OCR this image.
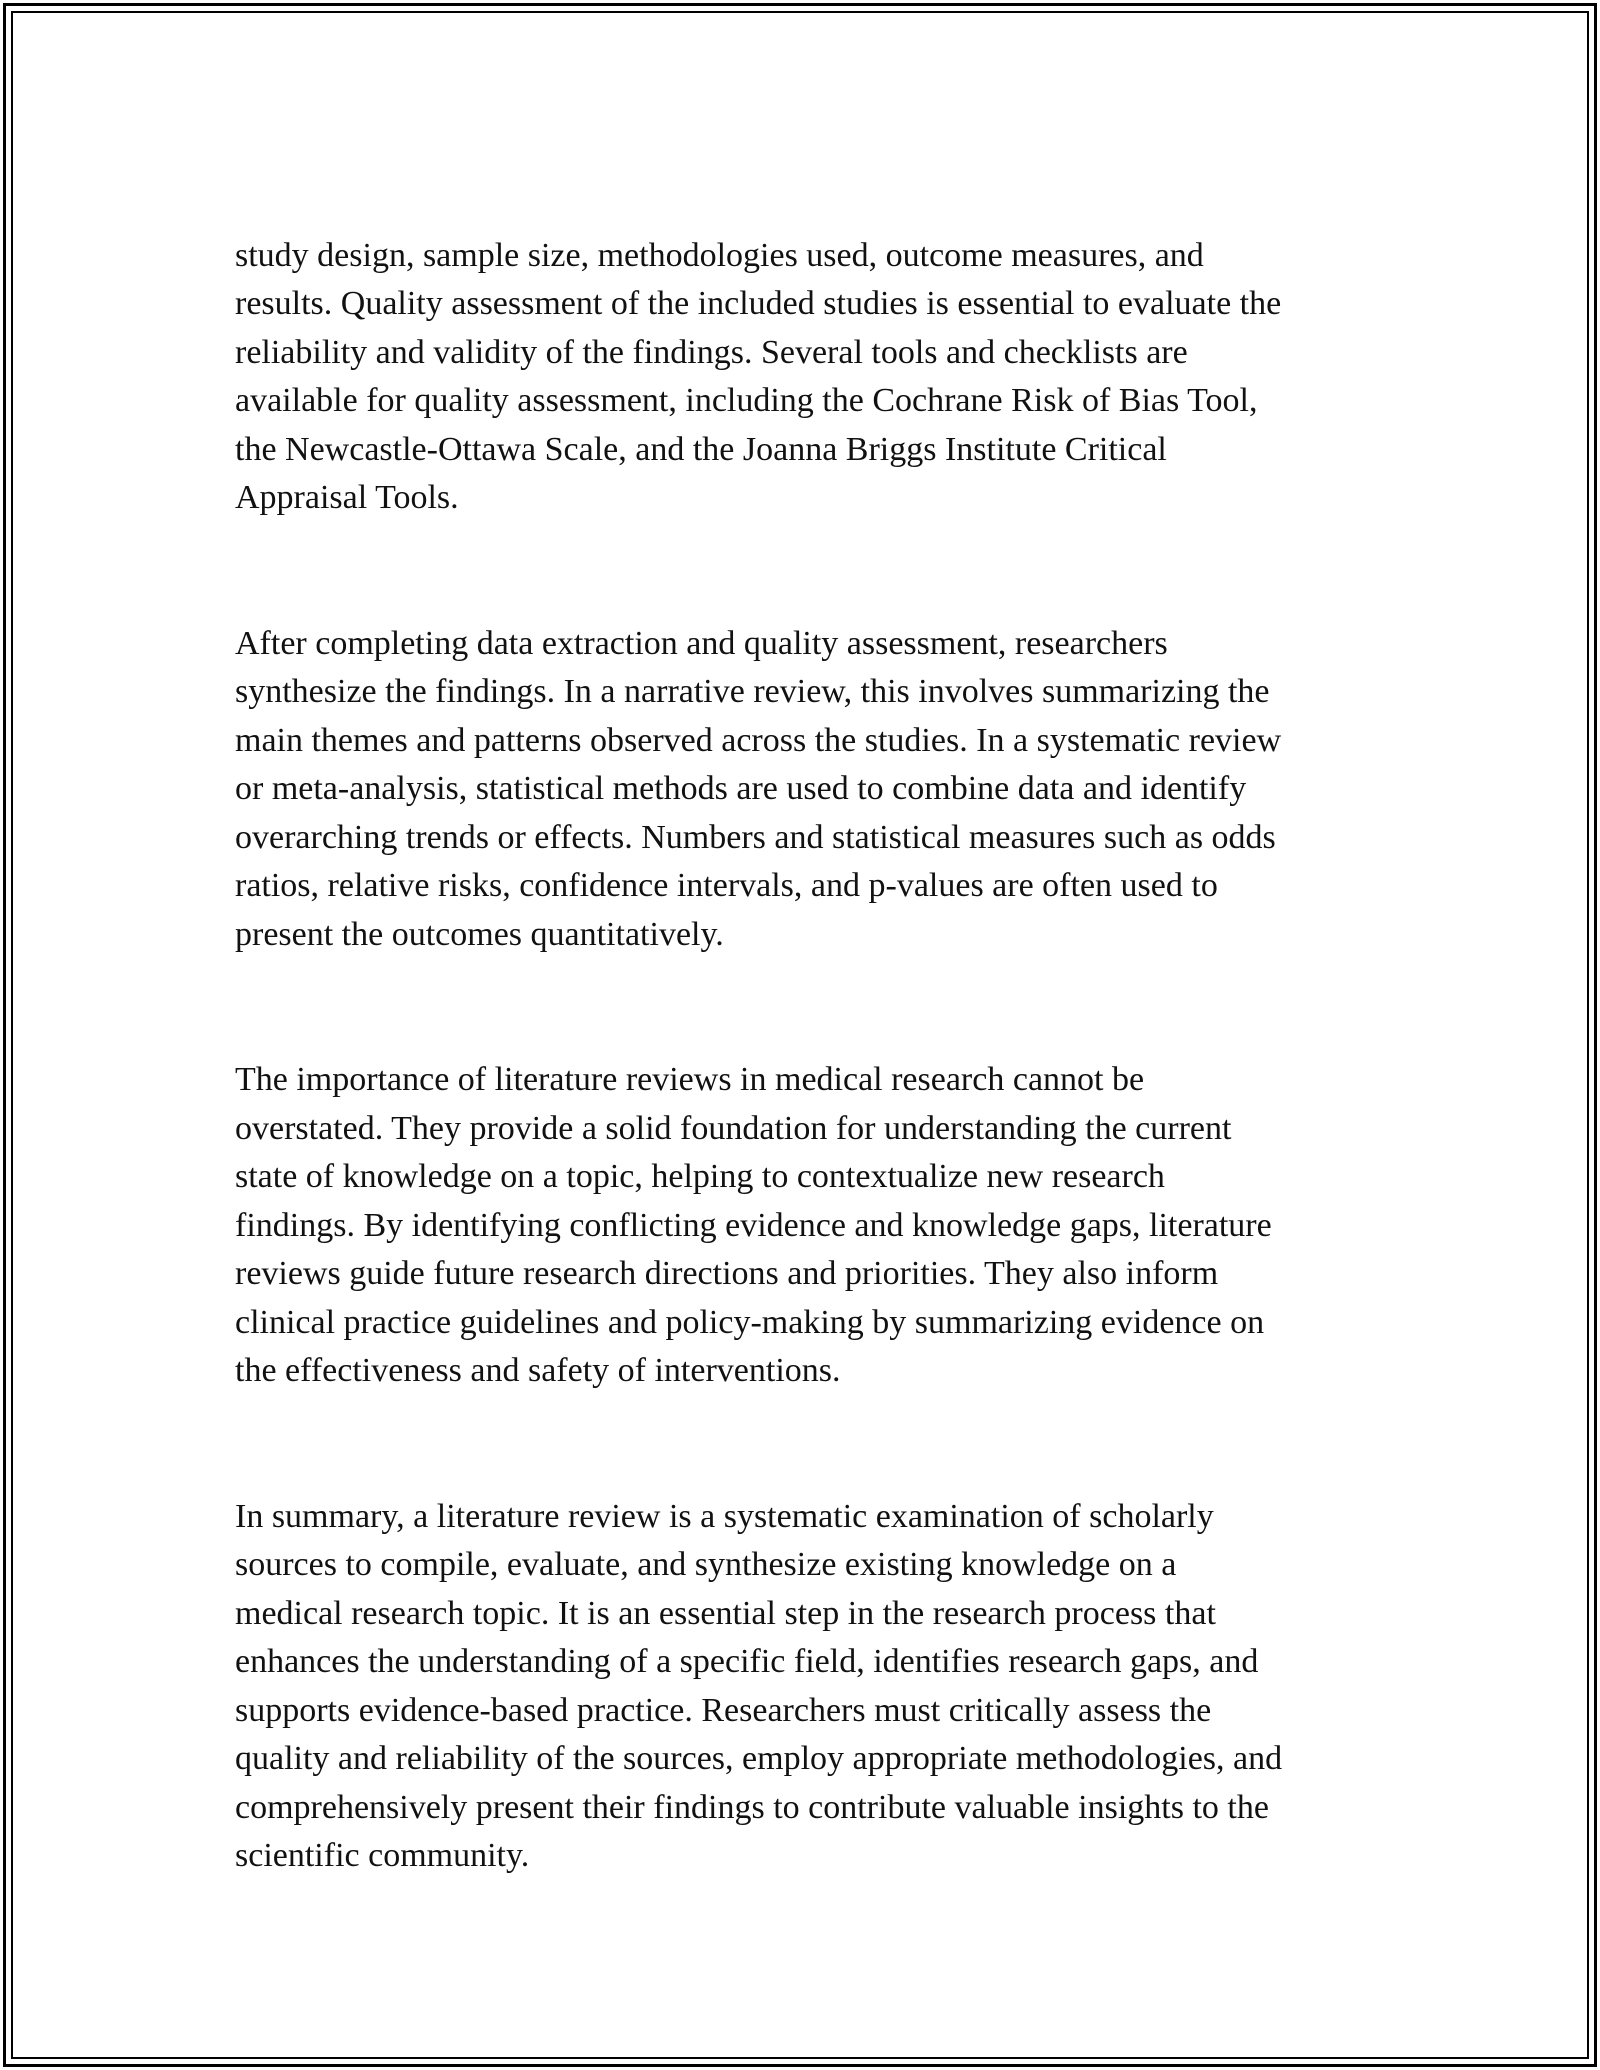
study design, sample size, methodologies used, outcome measures, and
results. Quality assessment of the included studies is essential to evaluate the
reliability and validity of the findings. Several tools and checklists are
available for quality assessment, including the Cochrane Risk of Bias Tool,
the Newcastle-Ottawa Scale, and the Joanna Briggs Institute Critical
Appraisal Tools.

After completing data extraction and quality assessment, researchers
synthesize the findings. In a narrative review, this involves summarizing the
main themes and patterns observed across the studies. In a systematic review
or meta-analysis, statistical methods are used to combine data and identify
overarching trends or effects. Numbers and statistical measures such as odds
ratios, relative risks, confidence intervals, and p-values are often used to
present the outcomes quantitatively.

The importance of literature reviews in medical research cannot be
overstated. They provide a solid foundation for understanding the current
state of knowledge on a topic, helping to contextualize new research
findings. By identifying conflicting evidence and knowledge gaps, literature
reviews guide future research directions and priorities. They also inform
clinical practice guidelines and policy-making by summarizing evidence on
the effectiveness and safety of interventions.

In summary, a literature review is a systematic examination of scholarly
sources to compile, evaluate, and synthesize existing knowledge on a
medical research topic. It is an essential step in the research process that
enhances the understanding of a specific field, identifies research gaps, and
supports evidence-based practice. Researchers must critically assess the
quality and reliability of the sources, employ appropriate methodologies, and
comprehensively present their findings to contribute valuable insights to the
scientific community.
